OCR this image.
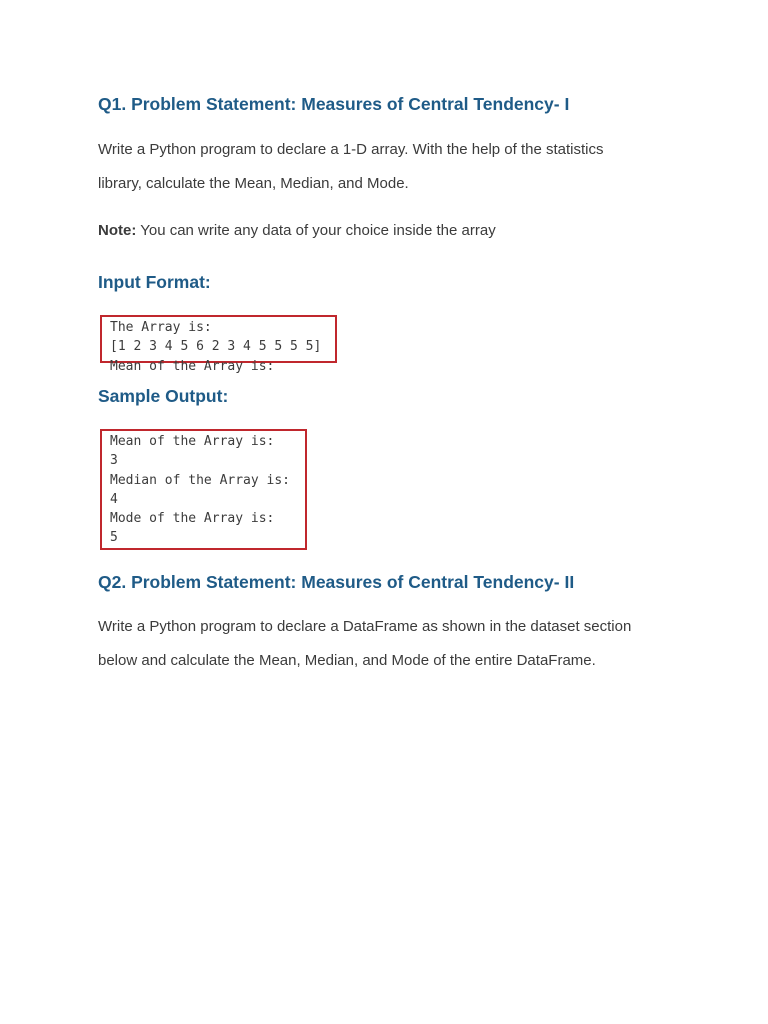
Q1. Problem Statement: Measures of Central Tendency- I

Write a Python program to declare a 1-D array. With the help of the statistics
library, calculate the Mean, Median, and Mode.

Note: You can write any data of your choice inside the array

Input Format:
The Array is:
[1 2 3 4 5 6 2 3 4 5 5 5 5]
Mean of the Array is:
Sample Output:
Mean of the Array is:
3
Median of the Array is:
4
Mode of the Array is:
5
Q2. Problem Statement: Measures of Central Tendency- II

Write a Python program to declare a DataFrame as shown in the dataset section
below and calculate the Mean, Median, and Mode of the entire DataFrame.
